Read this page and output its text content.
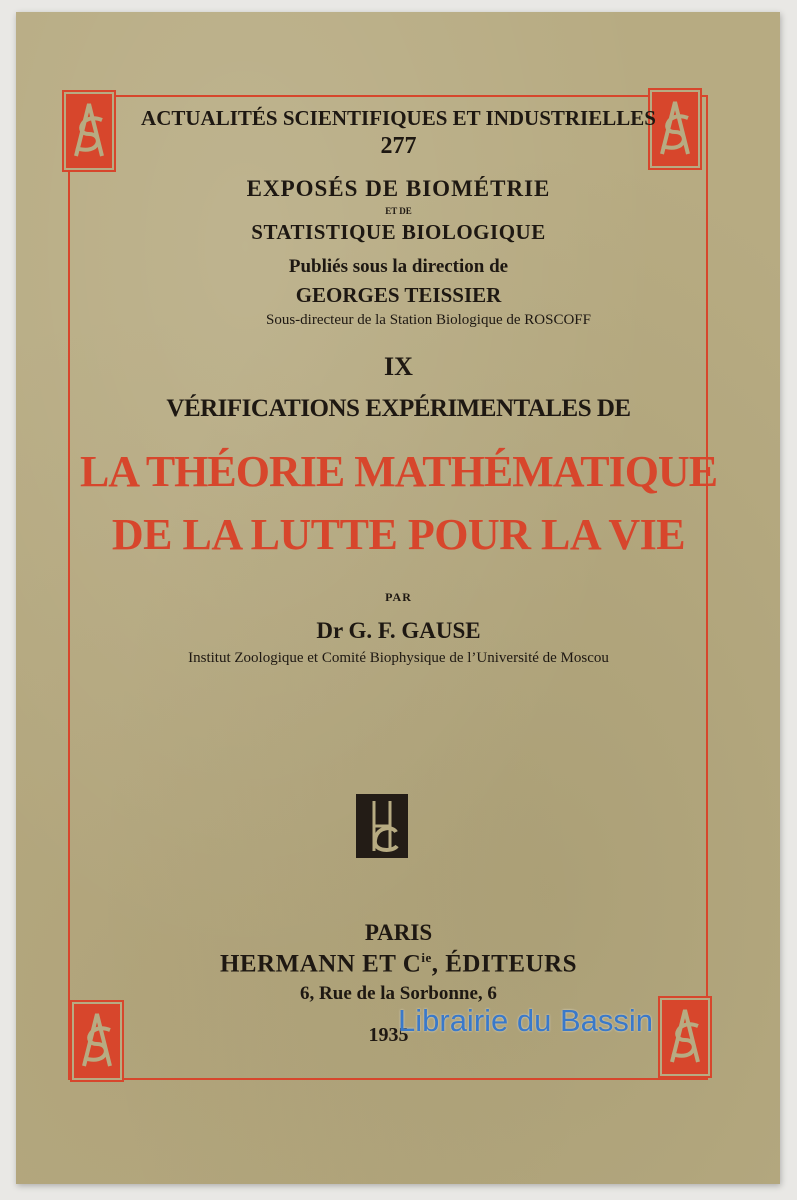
ACTUALITÉS SCIENTIFIQUES ET INDUSTRIELLES
277
EXPOSÉS DE BIOMÉTRIE
ET DE
STATISTIQUE BIOLOGIQUE
Publiés sous la direction de
GEORGES TEISSIER
Sous-directeur de la Station Biologique de ROSCOFF
IX
VÉRIFICATIONS EXPÉRIMENTALES DE
LA THÉORIE MATHÉMATIQUE
DE LA LUTTE POUR LA VIE
PAR
Dr G. F. GAUSE
Institut Zoologique et Comité Biophysique de l’Université de Moscou
PARIS
HERMANN ET $C^{ie}$, ÉDITEURS
6, Rue de la Sorbonne, 6
1935
Librairie du Bassin
